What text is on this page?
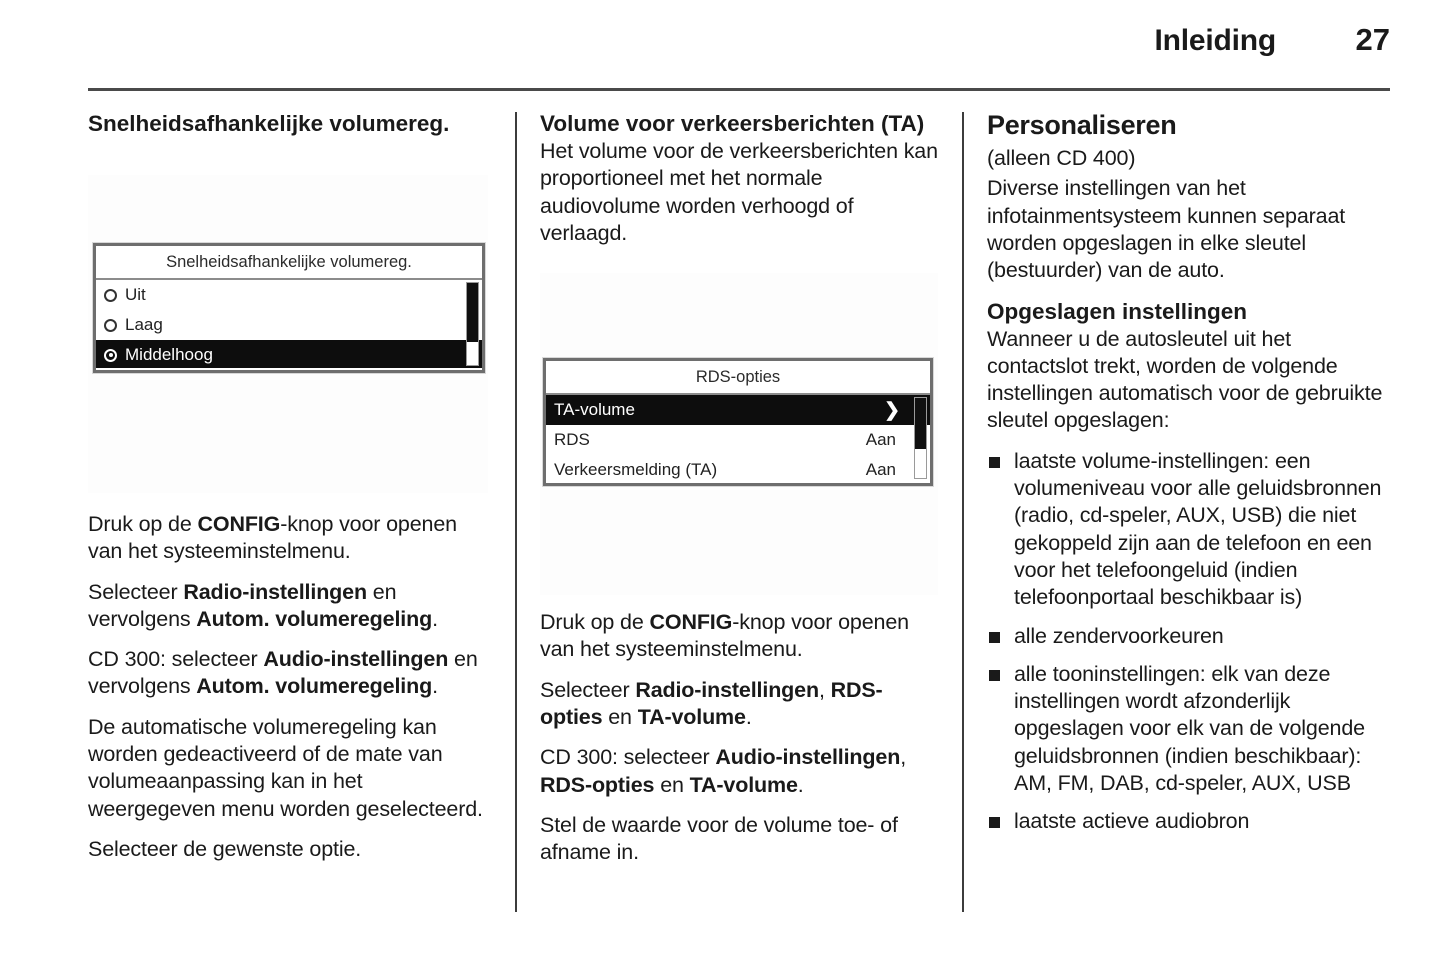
Inleiding	27
Snelheidsafhankelijke volumereg.
Snelheidsafhankelijke volumereg.
Uit
Laag
Middelhoog

Druk op de CONFIG-knop voor openen van het systeeminstelmenu.

Selecteer Radio-instellingen en vervolgens Autom. volumeregeling.

CD 300: selecteer Audio-instellingen en vervolgens Autom. volumeregeling.

De automatische volumeregeling kan worden gedeactiveerd of de mate van volumeaanpassing kan in het weergegeven menu worden geselecteerd.

Selecteer de gewenste optie.

Volume voor verkeersberichten (TA)

Het volume voor de verkeersberichten kan proportioneel met het normale audiovolume worden verhoogd of verlaagd.

RDS-opties
TA-volume	❯
RDS	Aan
Verkeersmelding (TA)	Aan

Druk op de CONFIG-knop voor openen van het systeeminstelmenu.

Selecteer Radio-instellingen, RDS-opties en TA-volume.

CD 300: selecteer Audio-instellingen, RDS-opties en TA-volume.

Stel de waarde voor de volume toe- of afname in.

Personaliseren

(alleen CD 400)

Diverse instellingen van het infotainmentsysteem kunnen separaat worden opgeslagen in elke sleutel (bestuurder) van de auto.

Opgeslagen instellingen

Wanneer u de autosleutel uit het contactslot trekt, worden de volgende instellingen automatisch voor de gebruikte sleutel opgeslagen:

laatste volume-instellingen: een volumeniveau voor alle geluidsbronnen (radio, cd-speler, AUX, USB) die niet gekoppeld zijn aan de telefoon en een voor het telefoongeluid (indien telefoonportaal beschikbaar is)
alle zendervoorkeuren
alle tooninstellingen: elk van deze instellingen wordt afzonderlijk opgeslagen voor elk van de volgende geluidsbronnen (indien beschikbaar): AM, FM, DAB, cd-speler, AUX, USB
laatste actieve audiobron
